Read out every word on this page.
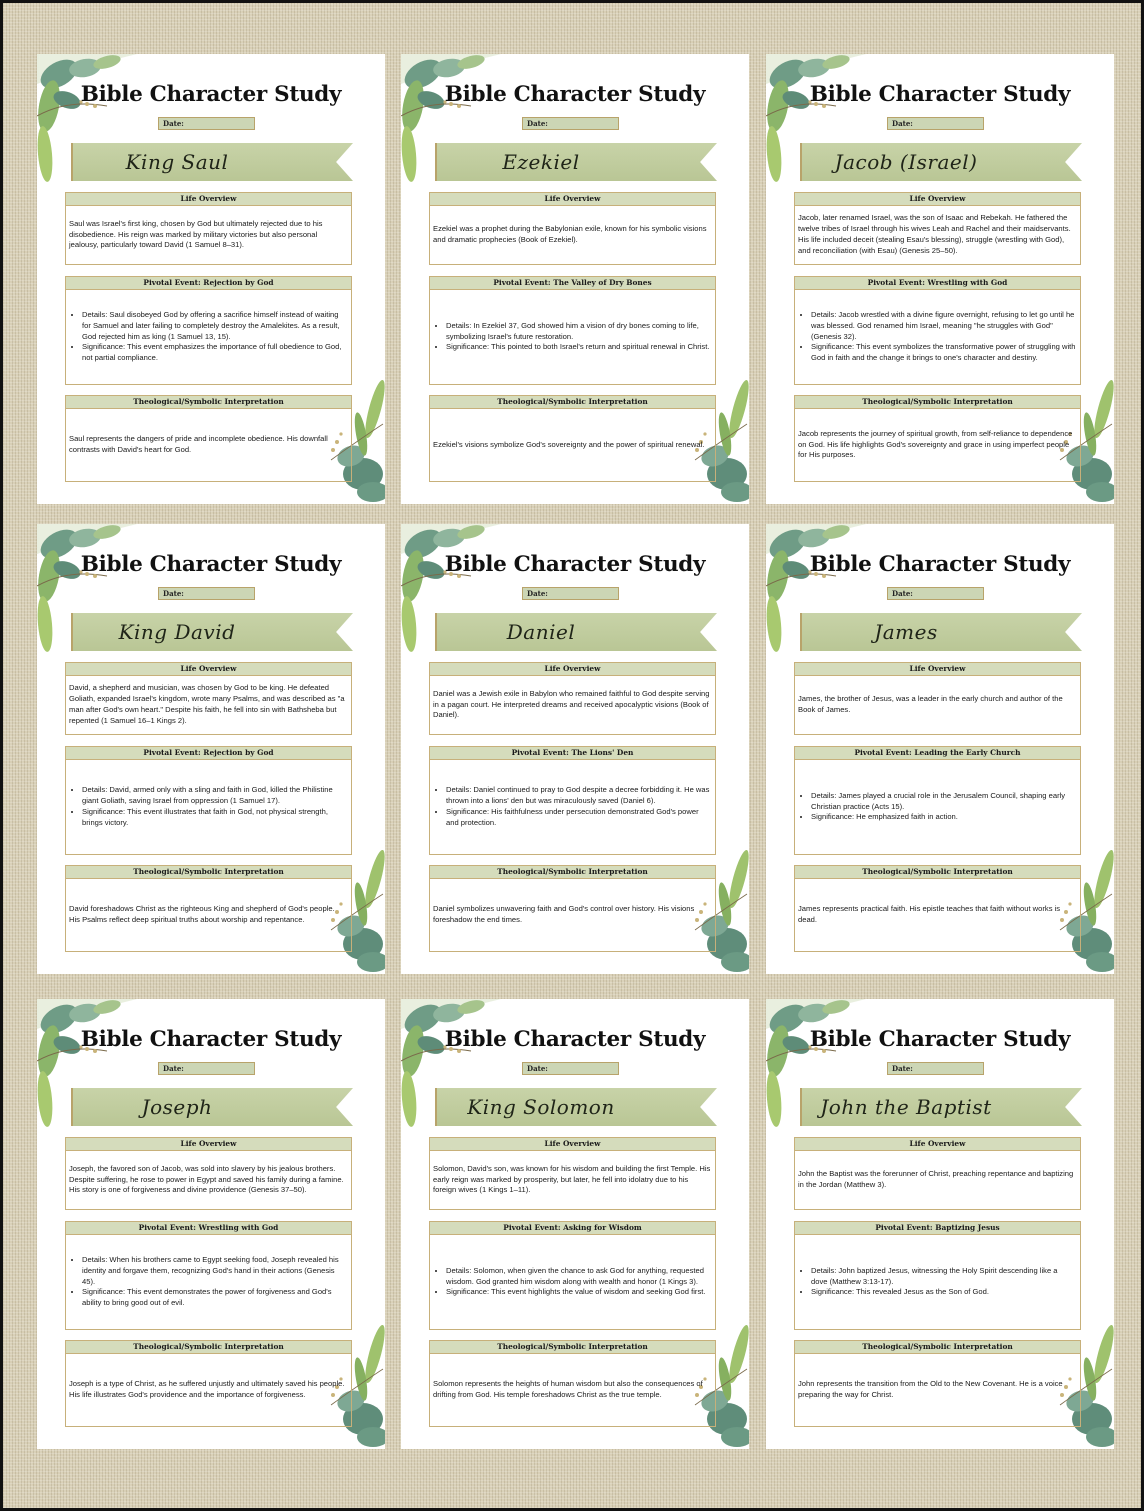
Bible Character Study
Date:
King Saul
Life Overview
Saul was Israel's first king, chosen by God but ultimately rejected due to his disobedience. His reign was marked by military victories but also personal jealousy, particularly toward David (1 Samuel 8–31).
Pivotal Event: Rejection by God
• Details: Saul disobeyed God by offering a sacrifice himself instead of waiting for Samuel and later failing to completely destroy the Amalekites. As a result, God rejected him as king (1 Samuel 13, 15).
• Significance: This event emphasizes the importance of full obedience to God, not partial compliance.
Theological/Symbolic Interpretation
Saul represents the dangers of pride and incomplete obedience. His downfall contrasts with David's heart for God.
Bible Character Study
Date:
Ezekiel
Life Overview
Ezekiel was a prophet during the Babylonian exile, known for his symbolic visions and dramatic prophecies (Book of Ezekiel).
Pivotal Event: The Valley of Dry Bones
• Details: In Ezekiel 37, God showed him a vision of dry bones coming to life, symbolizing Israel's future restoration.
• Significance: This pointed to both Israel's return and spiritual renewal in Christ.
Theological/Symbolic Interpretation
Ezekiel's visions symbolize God's sovereignty and the power of spiritual renewal.
Bible Character Study
Date:
Jacob (Israel)
Life Overview
Jacob, later renamed Israel, was the son of Isaac and Rebekah. He fathered the twelve tribes of Israel through his wives Leah and Rachel and their maidservants. His life included deceit (stealing Esau's blessing), struggle (wrestling with God), and reconciliation (with Esau) (Genesis 25–50).
Pivotal Event: Wrestling with God
• Details: Jacob wrestled with a divine figure overnight, refusing to let go until he was blessed. God renamed him Israel, meaning "he struggles with God" (Genesis 32).
• Significance: This event symbolizes the transformative power of struggling with God in faith and the change it brings to one's character and destiny.
Theological/Symbolic Interpretation
Jacob represents the journey of spiritual growth, from self-reliance to dependence on God. His life highlights God's sovereignty and grace in using imperfect people for His purposes.
Bible Character Study
Date:
King David
Life Overview
David, a shepherd and musician, was chosen by God to be king. He defeated Goliath, expanded Israel's kingdom, wrote many Psalms, and was described as "a man after God's own heart." Despite his faith, he fell into sin with Bathsheba but repented (1 Samuel 16–1 Kings 2).
Pivotal Event: Rejection by God
• Details: David, armed only with a sling and faith in God, killed the Philistine giant Goliath, saving Israel from oppression (1 Samuel 17).
• Significance: This event illustrates that faith in God, not physical strength, brings victory.
Theological/Symbolic Interpretation
David foreshadows Christ as the righteous King and shepherd of God's people. His Psalms reflect deep spiritual truths about worship and repentance.
Bible Character Study
Date:
Daniel
Life Overview
Daniel was a Jewish exile in Babylon who remained faithful to God despite serving in a pagan court. He interpreted dreams and received apocalyptic visions (Book of Daniel).
Pivotal Event: The Lions' Den
• Details: Daniel continued to pray to God despite a decree forbidding it. He was thrown into a lions' den but was miraculously saved (Daniel 6).
• Significance: His faithfulness under persecution demonstrated God's power and protection.
Theological/Symbolic Interpretation
Daniel symbolizes unwavering faith and God's control over history. His visions foreshadow the end times.
Bible Character Study
Date:
James
Life Overview
James, the brother of Jesus, was a leader in the early church and author of the Book of James.
Pivotal Event: Leading the Early Church
• Details: James played a crucial role in the Jerusalem Council, shaping early Christian practice (Acts 15).
• Significance: He emphasized faith in action.
Theological/Symbolic Interpretation
James represents practical faith. His epistle teaches that faith without works is dead.
Bible Character Study
Date:
Joseph
Life Overview
Joseph, the favored son of Jacob, was sold into slavery by his jealous brothers. Despite suffering, he rose to power in Egypt and saved his family during a famine. His story is one of forgiveness and divine providence (Genesis 37–50).
Pivotal Event: Wrestling with God
• Details: When his brothers came to Egypt seeking food, Joseph revealed his identity and forgave them, recognizing God's hand in their actions (Genesis 45).
• Significance: This event demonstrates the power of forgiveness and God's ability to bring good out of evil.
Theological/Symbolic Interpretation
Joseph is a type of Christ, as he suffered unjustly and ultimately saved his people. His life illustrates God's providence and the importance of forgiveness.
Bible Character Study
Date:
King Solomon
Life Overview
Solomon, David's son, was known for his wisdom and building the first Temple. His early reign was marked by prosperity, but later, he fell into idolatry due to his foreign wives (1 Kings 1–11).
Pivotal Event: Asking for Wisdom
• Details: Solomon, when given the chance to ask God for anything, requested wisdom. God granted him wisdom along with wealth and honor (1 Kings 3).
• Significance: This event highlights the value of wisdom and seeking God first.
Theological/Symbolic Interpretation
Solomon represents the heights of human wisdom but also the consequences of drifting from God. His temple foreshadows Christ as the true temple.
Bible Character Study
Date:
John the Baptist
Life Overview
John the Baptist was the forerunner of Christ, preaching repentance and baptizing in the Jordan (Matthew 3).
Pivotal Event: Baptizing Jesus
• Details: John baptized Jesus, witnessing the Holy Spirit descending like a dove (Matthew 3:13-17).
• Significance: This revealed Jesus as the Son of God.
Theological/Symbolic Interpretation
John represents the transition from the Old to the New Covenant. He is a voice preparing the way for Christ.
